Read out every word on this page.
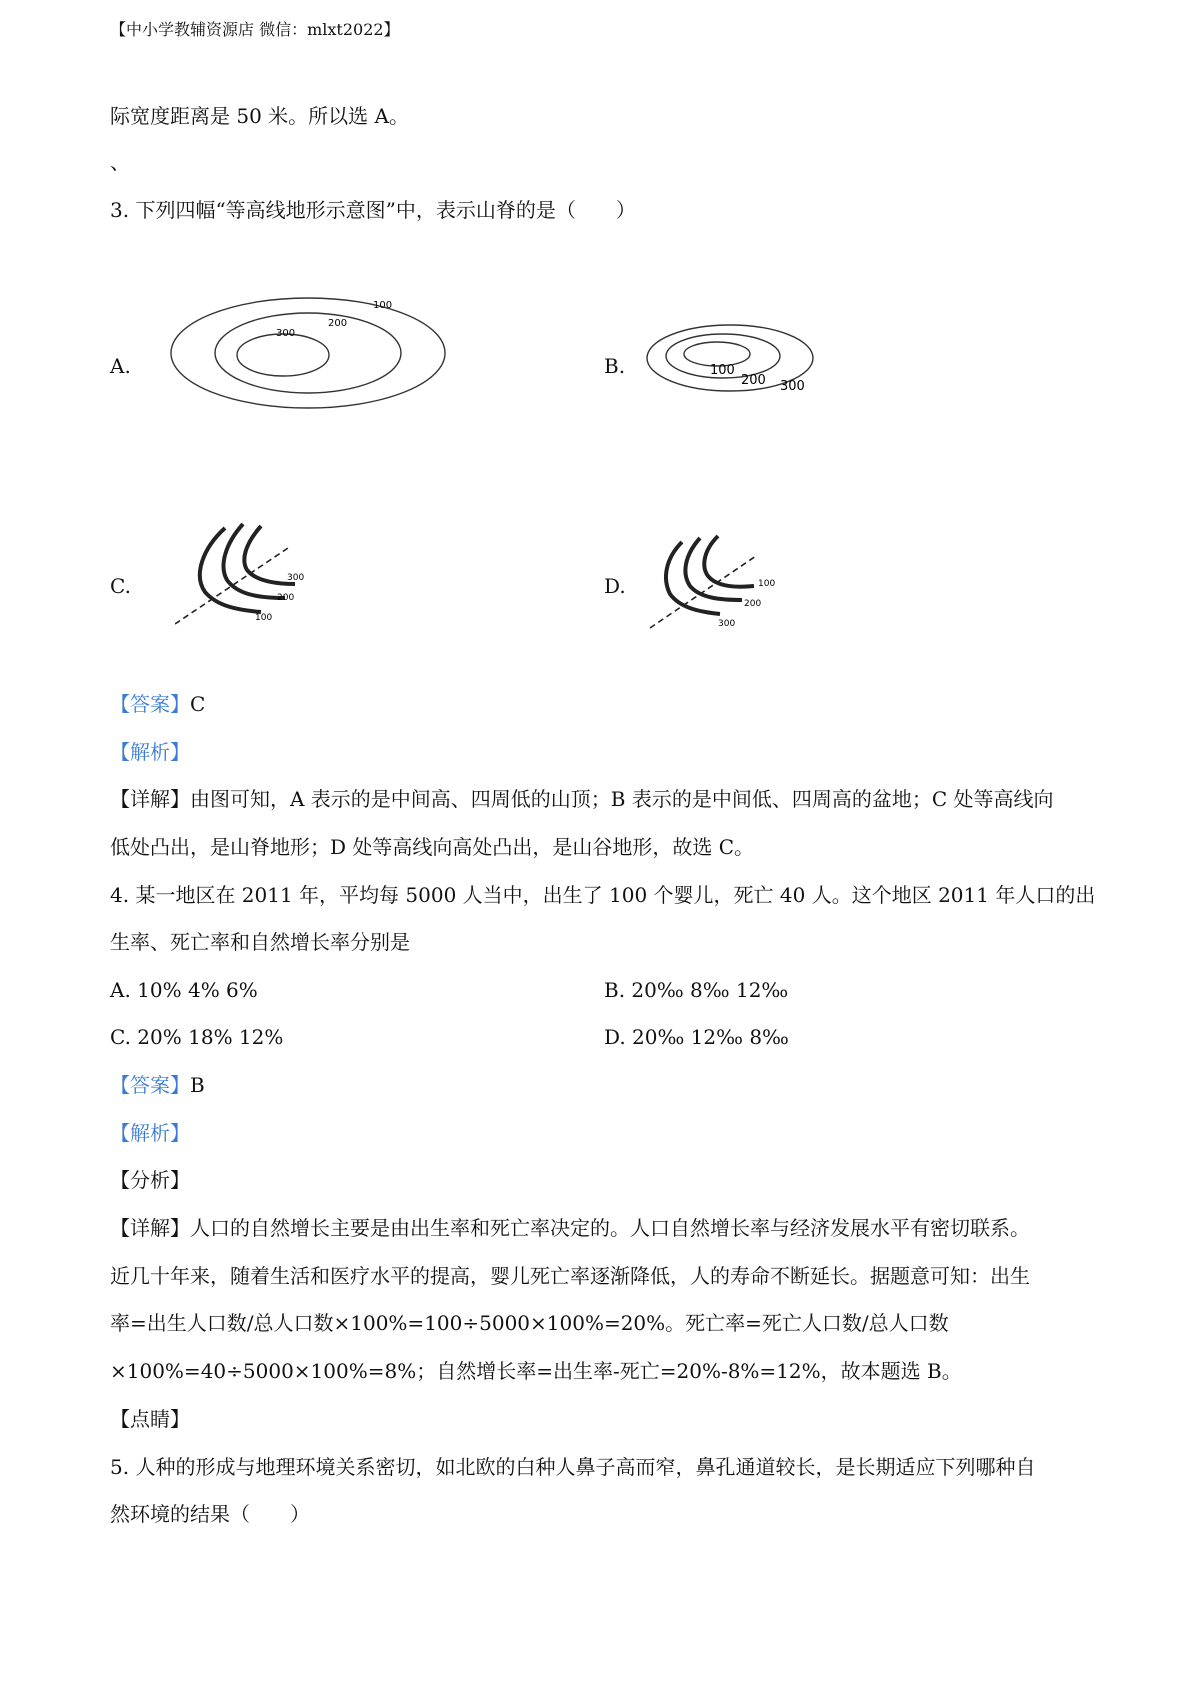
【中小学教辅资源店 微信：mlxt2022】
际宽度距离是 50 米。所以选 A。
、
3. 下列四幅“等高线地形示意图”中，表示山脊的是（　　）
A.
100
200
300
B.	100
200 300
C.	300
200
100
D.	100
200
300
【答案】C
【解析】
【详解】由图可知，A 表示的是中间高、四周低的山顶；B 表示的是中间低、四周高的盆地；C 处等高线向
低处凸出，是山脊地形；D 处等高线向高处凸出，是山谷地形，故选 C。
4. 某一地区在 2011 年，平均每 5000 人当中，出生了 100 个婴儿，死亡 40 人。这个地区 2011 年人口的出
生率、死亡率和自然增长率分别是
A. 10% 4% 6%	B. 20‰ 8‰ 12‰
C. 20% 18% 12%	D. 20‰ 12‰ 8‰
【答案】B
【解析】
【分析】
【详解】人口的自然增长主要是由出生率和死亡率决定的。人口自然增长率与经济发展水平有密切联系。
近几十年来，随着生活和医疗水平的提高，婴儿死亡率逐渐降低，人的寿命不断延长。据题意可知：出生
率=出生人口数/总人口数×100%=100÷5000×100%=20%。死亡率=死亡人口数/总人口数
×100%=40÷5000×100%=8%；自然增长率=出生率-死亡=20%-8%=12%，故本题选 B。
【点睛】
5. 人种的形成与地理环境关系密切，如北欧的白种人鼻子高而窄，鼻孔通道较长，是长期适应下列哪种自
然环境的结果（　　）
